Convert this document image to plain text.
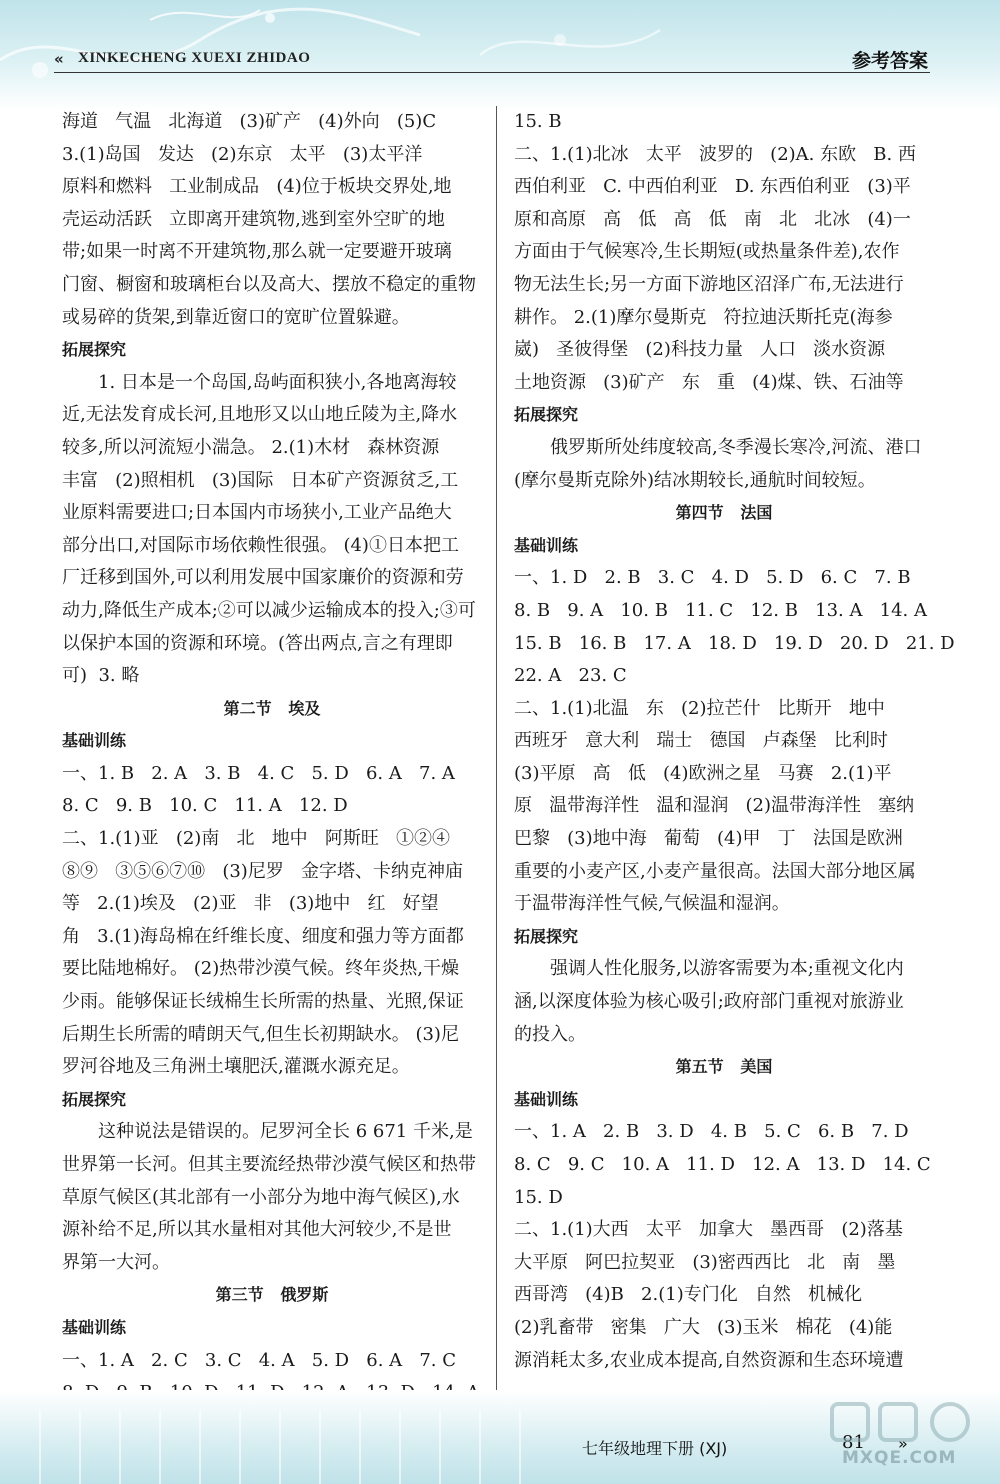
« XINKECHENG XUEXI ZHIDAO	参考答案
海道   气温   北海道   (3)矿产   (4)外向   (5)C
3.(1)岛国   发达   (2)东京   太平   (3)太平洋
原料和燃料   工业制成品   (4)位于板块交界处,地
壳运动活跃   立即离开建筑物,逃到室外空旷的地
带;如果一时离不开建筑物,那么就一定要避开玻璃
门窗、橱窗和玻璃柜台以及高大、摆放不稳定的重物
或易碎的货架,到靠近窗口的宽旷位置躲避。
拓展探究
1. 日本是一个岛国,岛屿面积狭小,各地离海较
近,无法发育成长河,且地形又以山地丘陵为主,降水
较多,所以河流短小湍急。 2.(1)木材   森林资源
丰富   (2)照相机   (3)国际   日本矿产资源贫乏,工
业原料需要进口;日本国内市场狭小,工业产品绝大
部分出口,对国际市场依赖性很强。 (4)①日本把工
厂迁移到国外,可以利用发展中国家廉价的资源和劳
动力,降低生产成本;②可以减少运输成本的投入;③可
以保护本国的资源和环境。(答出两点,言之有理即
可)  3. 略
第二节   埃及
基础训练
一、1. B   2. A   3. B   4. C   5. D   6. A   7. A
8. C   9. B   10. C   11. A   12. D
二、1.(1)亚   (2)南   北   地中   阿斯旺   ①②④
⑧⑨   ③⑤⑥⑦⑩   (3)尼罗   金字塔、卡纳克神庙
等   2.(1)埃及   (2)亚   非   (3)地中   红   好望
角   3.(1)海岛棉在纤维长度、细度和强力等方面都
要比陆地棉好。 (2)热带沙漠气候。终年炎热,干燥
少雨。能够保证长绒棉生长所需的热量、光照,保证
后期生长所需的晴朗天气,但生长初期缺水。 (3)尼
罗河谷地及三角洲土壤肥沃,灌溉水源充足。
拓展探究
这种说法是错误的。尼罗河全长 6 671 千米,是
世界第一长河。但其主要流经热带沙漠气候区和热带
草原气候区(其北部有一小部分为地中海气候区),水
源补给不足,所以其水量相对其他大河较少,不是世
界第一大河。
第三节   俄罗斯
基础训练
一、1. A   2. C   3. C   4. A   5. D   6. A   7. C
15. B
二、1.(1)北冰   太平   波罗的   (2)A. 东欧   B. 西
西伯利亚   C. 中西伯利亚   D. 东西伯利亚   (3)平
原和高原   高   低   高   低   南   北   北冰   (4)一
方面由于气候寒冷,生长期短(或热量条件差),农作
物无法生长;另一方面下游地区沼泽广布,无法进行
耕作。 2.(1)摩尔曼斯克   符拉迪沃斯托克(海参
崴)   圣彼得堡   (2)科技力量   人口   淡水资源
土地资源   (3)矿产   东   重   (4)煤、铁、石油等
拓展探究
俄罗斯所处纬度较高,冬季漫长寒冷,河流、港口
(摩尔曼斯克除外)结冰期较长,通航时间较短。
第四节   法国
基础训练
一、1. D   2. B   3. C   4. D   5. D   6. C   7. B
8. B   9. A   10. B   11. C   12. B   13. A   14. A
15. B   16. B   17. A   18. D   19. D   20. D   21. D
22. A   23. C
二、1.(1)北温   东   (2)拉芒什   比斯开   地中
西班牙   意大利   瑞士   德国   卢森堡   比利时
(3)平原   高   低   (4)欧洲之星   马赛   2.(1)平
原   温带海洋性   温和湿润   (2)温带海洋性   塞纳
巴黎   (3)地中海   葡萄   (4)甲   丁   法国是欧洲
重要的小麦产区,小麦产量很高。法国大部分地区属
于温带海洋性气候,气候温和湿润。
拓展探究
强调人性化服务,以游客需要为本;重视文化内
涵,以深度体验为核心吸引;政府部门重视对旅游业
的投入。
第五节   美国
基础训练
一、1. A   2. B   3. D   4. B   5. C   6. B   7. D
8. C   9. C   10. A   11. D   12. A   13. D   14. C
15. D
二、1.(1)大西   太平   加拿大   墨西哥   (2)落基
大平原   阿巴拉契亚   (3)密西西比   北   南   墨
西哥湾   (4)B   2.(1)专门化   自然   机械化
(2)乳畜带   密集   广大   (3)玉米   棉花   (4)能
源消耗太多,农业成本提高,自然资源和生态环境遭
七年级地理下册 (XJ)	81 »
MXQE.COM
